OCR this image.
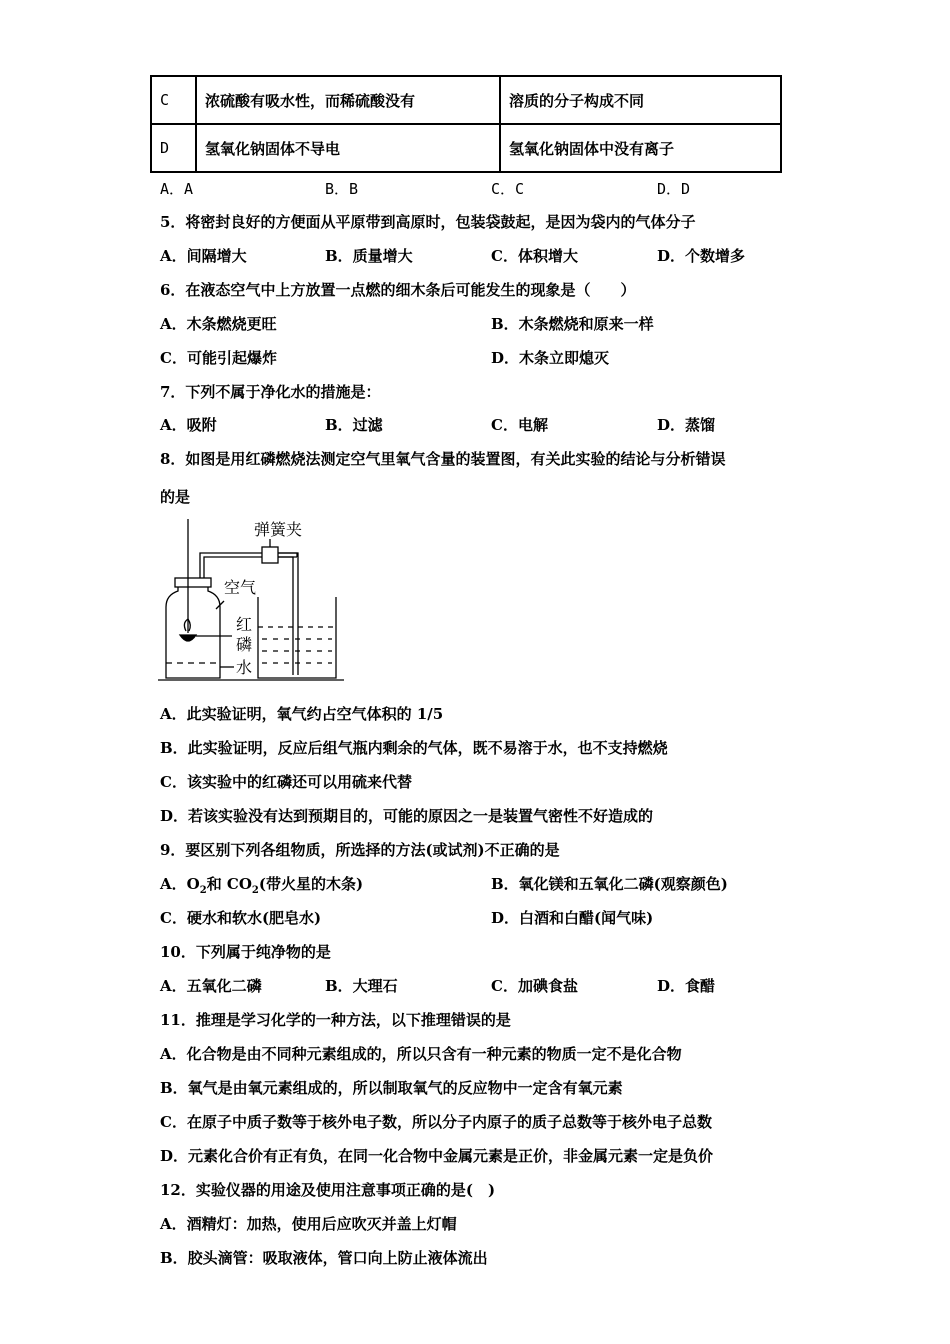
C	浓硫酸有吸水性，而稀硫酸没有	溶质的分子构成不同
D	氢氧化钠固体不导电	氢氧化钠固体中没有离子
A．A	B．B	C．C	D．D
5．将密封良好的方便面从平原带到高原时，包装袋鼓起，是因为袋内的气体分子
A．间隔增大	B．质量增大	C．体积增大	D．个数增多
6．在液态空气中上方放置一点燃的细木条后可能发生的现象是（　　）
A．木条燃烧更旺	B．木条燃烧和原来一样
C．可能引起爆炸	D．木条立即熄灭
7．下列不属于净化水的措施是：
A．吸附	B．过滤	C．电解	D．蒸馏
8．如图是用红磷燃烧法测定空气里氧气含量的装置图，有关此实验的结论与分析错误
的是
弹簧夹
空气
红
磷
水
A．此实验证明，氧气约占空气体积的 1/5
B．此实验证明，反应后组气瓶内剩余的气体，既不易溶于水，也不支持燃烧
C．该实验中的红磷还可以用硫来代替
D．若该实验没有达到预期目的，可能的原因之一是装置气密性不好造成的
9．要区别下列各组物质，所选择的方法(或试剂)不正确的是
A．$O_2$和 $CO_2$(带火星的木条)	B．氧化镁和五氧化二磷(观察颜色)
C．硬水和软水(肥皂水)	D．白酒和白醋(闻气味)
10．下列属于纯净物的是
A．五氧化二磷	B．大理石	C．加碘食盐	D．食醋
11．推理是学习化学的一种方法，以下推理错误的是
A．化合物是由不同种元素组成的，所以只含有一种元素的物质一定不是化合物
B．氧气是由氧元素组成的，所以制取氧气的反应物中一定含有氧元素
C．在原子中质子数等于核外电子数，所以分子内原子的质子总数等于核外电子总数
D．元素化合价有正有负，在同一化合物中金属元素是正价，非金属元素一定是负价
12．实验仪器的用途及使用注意事项正确的是(　)
A．酒精灯：加热，使用后应吹灭并盖上灯帽
B．胶头滴管：吸取液体，管口向上防止液体流出
